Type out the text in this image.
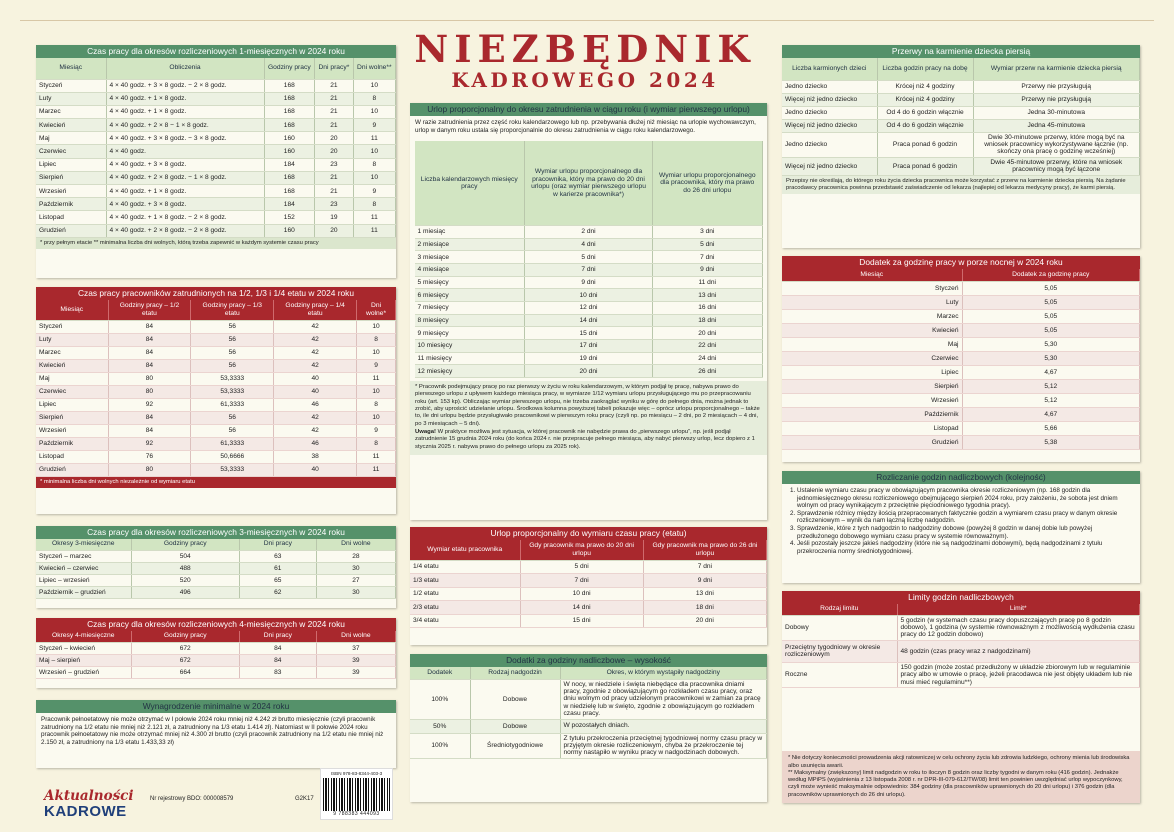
NIEZBĘDNIK
KADROWEGO 2024
Czas pracy dla okresów rozliczeniowych 1-miesięcznych w 2024 roku
Miesiąc	Obliczenia	Godziny pracy	Dni pracy*	Dni wolne**
Styczeń	4 × 40 godz. + 3 × 8 godz. − 2 × 8 godz.	168	21	10
Luty	4 × 40 godz. + 1 × 8 godz.	168	21	8
Marzec	4 × 40 godz. + 1 × 8 godz.	168	21	10
Kwiecień	4 × 40 godz. + 2 × 8 − 1 × 8 godz.	168	21	9
Maj	4 × 40 godz. + 3 × 8 godz. − 3 × 8 godz.	160	20	11
Czerwiec	4 × 40 godz.	160	20	10
Lipiec	4 × 40 godz. + 3 × 8 godz.	184	23	8
Sierpień	4 × 40 godz. + 2 × 8 godz. − 1 × 8 godz.	168	21	10
Wrzesień	4 × 40 godz. + 1 × 8 godz.	168	21	9
Październik	4 × 40 godz. + 3 × 8 godz.	184	23	8
Listopad	4 × 40 godz. + 1 × 8 godz. − 2 × 8 godz.	152	19	11
Grudzień	4 × 40 godz. + 2 × 8 godz. − 2 × 8 godz.	160	20	11
* przy pełnym etacie ** minimalna liczba dni wolnych, którą trzeba zapewnić w każdym systemie czasu pracy
Czas pracy pracowników zatrudnionych na 1/2, 1/3 i 1/4 etatu w 2024 roku
Miesiąc	Godziny pracy – 1/2 etatu	Godziny pracy – 1/3 etatu	Godziny pracy – 1/4 etatu	Dni wolne*
Styczeń	84	56	42	10
Luty	84	56	42	8
Marzec	84	56	42	10
Kwiecień	84	56	42	9
Maj	80	53,3333	40	11
Czerwiec	80	53,3333	40	10
Lipiec	92	61,3333	46	8
Sierpień	84	56	42	10
Wrzesień	84	56	42	9
Październik	92	61,3333	46	8
Listopad	76	50,6666	38	11
Grudzień	80	53,3333	40	11
* minimalna liczba dni wolnych niezależnie od wymiaru etatu
Czas pracy dla okresów rozliczeniowych 3-miesięcznych w 2024 roku
Okresy 3-miesięczne	Godziny pracy	Dni pracy	Dni wolne
Styczeń – marzec	504	63	28
Kwiecień – czerwiec	488	61	30
Lipiec – wrzesień	520	65	27
Październik – grudzień	496	62	30
Czas pracy dla okresów rozliczeniowych 4-miesięcznych w 2024 roku
Okresy 4-miesięczne	Godziny pracy	Dni pracy	Dni wolne
Styczeń – kwiecień	672	84	37
Maj – sierpień	672	84	39
Wrzesień – grudzień	664	83	39
Wynagrodzenie minimalne w 2024 roku
Pracownik pełnoetatowy nie może otrzymać w I połowie 2024 roku mniej niż 4.242 zł brutto miesięcznie (czyli pracownik zatrudniony na 1/2 etatu nie mniej niż 2.121 zł, a zatrudniony na 1/3 etatu 1.414 zł). Natomiast w II połowie 2024 roku pracownik pełnoetatowy nie może otrzymać mniej niż 4.300 zł brutto (czyli pracownik zatrudniony na 1/2 etatu nie mniej niż 2.150 zł, a zatrudniony na 1/3 etatu 1.433,33 zł)
Urlop proporcjonalny do okresu zatrudnienia w ciągu roku (i wymiar pierwszego urlopu)
W razie zatrudnienia przez część roku kalendarzowego lub np. przebywania dłużej niż miesiąc na urlopie wychowawczym, urlop w danym roku ustala się proporcjonalnie do okresu zatrudnienia w ciągu roku kalendarzowego.
Liczba kalendarzowych miesięcy pracy	Wymiar urlopu proporcjonalnego dla pracownika, który ma prawo do 20 dni urlopu (oraz wymiar pierwszego urlopu w karierze pracownika*)	Wymiar urlopu proporcjonalnego dla pracownika, który ma prawo do 26 dni urlopu
1 miesiąc	2 dni	3 dni
2 miesiące	4 dni	5 dni
3 miesiące	5 dni	7 dni
4 miesiące	7 dni	9 dni
5 miesięcy	9 dni	11 dni
6 miesięcy	10 dni	13 dni
7 miesięcy	12 dni	16 dni
8 miesięcy	14 dni	18 dni
9 miesięcy	15 dni	20 dni
10 miesięcy	17 dni	22 dni
11 miesięcy	19 dni	24 dni
12 miesięcy	20 dni	26 dni

* Pracownik podejmujący pracę po raz pierwszy w życiu w roku kalendarzowym, w którym podjął tę pracę, nabywa prawo do pierwszego urlopu z upływem każdego miesiąca pracy, w wymiarze 1/12 wymiaru urlopu przysługującego mu po przepracowaniu roku (art. 153 kp). Obliczając wymiar pierwszego urlopu, nie trzeba zaokrąglać wyniku w górę do pełnego dnia, można jednak to zrobić, aby uprościć udzielanie urlopu. Środkowa kolumna powyższej tabeli pokazuje więc – oprócz urlopu proporcjonalnego – także to, ile dni urlopu będzie przysługiwało pracownikowi w pierwszym roku pracy (czyli np. po miesiącu – 2 dni, po 2 miesiącach – 4 dni, po 3 miesiącach – 5 dni).

Uwaga! W praktyce możliwa jest sytuacja, w której pracownik nie nabędzie prawa do „pierwszego urlopu”, np. jeśli podjął zatrudnienie 15 grudnia 2024 roku (do końca 2024 r. nie przepracuje pełnego miesiąca, aby nabyć pierwszy urlop, lecz dopiero z 1 stycznia 2025 r. nabywa prawo do pełnego urlopu za 2025 rok).

Urlop proporcjonalny do wymiaru czasu pracy (etatu)
Wymiar etatu pracownika	Gdy pracownik ma prawo do 20 dni urlopu	Gdy pracownik ma prawo do 26 dni urlopu
1/4 etatu	5 dni	7 dni
1/3 etatu	7 dni	9 dni
1/2 etatu	10 dni	13 dni
2/3 etatu	14 dni	18 dni
3/4 etatu	15 dni	20 dni
Dodatki za godziny nadliczbowe – wysokość
Dodatek	Rodzaj nadgodzin	Okres, w którym wystąpiły nadgodziny
100%	Dobowe	W nocy, w niedziele i święta niebędące dla pracownika dniami pracy, zgodnie z obowiązującym go rozkładem czasu pracy, oraz dniu wolnym od pracy udzielonym pracownikowi w zamian za pracę w niedzielę lub w święto, zgodnie z obowiązującym go rozkładem czasu pracy.
50%	Dobowe	W pozostałych dniach.
100%	Średniotygodniowe	Z tytułu przekroczenia przeciętnej tygodniowej normy czasu pracy w przyjętym okresie rozliczeniowym, chyba że przekroczenie tej normy nastąpiło w wyniku pracy w nadgodzinach dobowych.
Przerwy na karmienie dziecka piersią
Liczba karmionych dzieci	Liczba godzin pracy na dobę	Wymiar przerw na karmienie dziecka piersią
Jedno dziecko	Krócej niż 4 godziny	Przerwy nie przysługują
Więcej niż jedno dziecko	Krócej niż 4 godziny	Przerwy nie przysługują
Jedno dziecko	Od 4 do 6 godzin włącznie	Jedna 30-minutowa
Więcej niż jedno dziecko	Od 4 do 6 godzin włącznie	Jedna 45-minutowa
Jedno dziecko	Praca ponad 6 godzin	Dwie 30-minutowe przerwy, które mogą być na wniosek pracownicy wykorzystywane łącznie (np. skończy ona pracę o godzinę wcześniej)
Więcej niż jedno dziecko	Praca ponad 6 godzin	Dwie 45-minutowe przerwy, które na wniosek pracownicy mogą być łączone
Przepisy nie określają, do którego roku życia dziecka pracownica może korzystać z przerw na karmienie dziecka piersią. Na żądanie pracodawcy pracownica powinna przedstawić zaświadczenie od lekarza (najlepiej od lekarza medycyny pracy), że karmi piersią.
Dodatek za godzinę pracy w porze nocnej w 2024 roku
Miesiąc	Dodatek za godzinę pracy
Styczeń	5,05
Luty	5,05
Marzec	5,05
Kwiecień	5,05
Maj	5,30
Czerwiec	5,30
Lipiec	4,67
Sierpień	5,12
Wrzesień	5,12
Październik	4,67
Listopad	5,66
Grudzień	5,38
Rozliczanie godzin nadliczbowych (kolejność)
1. Ustalenie wymiaru czasu pracy w obowiązującym pracownika okresie rozliczeniowym (np. 168 godzin dla jednomiesięcznego okresu rozliczeniowego obejmującego sierpień 2024 roku, przy założeniu, że sobota jest dniem wolnym od pracy wynikającym z przeciętnie pięciodniowego tygodnia pracy).
2. Sprawdzenie różnicy między ilością przepracowanych faktycznie godzin a wymiarem czasu pracy w danym okresie rozliczeniowym – wynik da nam łączną liczbę nadgodzin.
3. Sprawdzenie, które z tych nadgodzin to nadgodziny dobowe (powyżej 8 godzin w danej dobie lub powyżej przedłużonego dobowego wymiaru czasu pracy w systemie równoważnym).
4. Jeśli pozostały jeszcze jakieś nadgodziny (które nie są nadgodzinami dobowymi), będą nadgodzinami z tytułu przekroczenia normy średniotygodniowej.
Limity godzin nadliczbowych
Rodzaj limitu	Limit*
Dobowy	5 godzin (w systemach czasu pracy dopuszczających pracę po 8 godzin dobowo), 1 godzina (w systemie równoważnym z możliwością wydłużenia czasu pracy do 12 godzin dobowo)
Przeciętny tygodniowy w okresie rozliczeniowym	48 godzin (czas pracy wraz z nadgodzinami)
Roczne	150 godzin (może zostać przedłużony w układzie zbiorowym lub w regulaminie pracy albo w umowie o pracę, jeżeli pracodawca nie jest objęty układem lub nie musi mieć regulaminu**)

* Nie dotyczy konieczności prowadzenia akcji ratowniczej w celu ochrony życia lub zdrowia ludzkiego, ochrony mienia lub środowiska albo usunięcia awarii.

** Maksymalny (zwiększony) limit nadgodzin w roku to iloczyn 8 godzin oraz liczby tygodni w danym roku (416 godzin). Jednakże według MPiPS (wyjaśnienia z 13 listopada 2008 r. nr DPR-III-079-612/TW/08) limit ten powinien uwzględniać urlop wypoczynkowy, czyli może wynieść maksymalnie odpowiednio: 384 godziny (dla pracowników uprawnionych do 20 dni urlopu) i 376 godzin (dla pracowników uprawnionych do 26 dni urlopu).

Aktualności
KADROWE
Nr rejestrowy BDO: 000008579	G2K17
ISBN 978-83-8344-403-3
9 788383 444093
